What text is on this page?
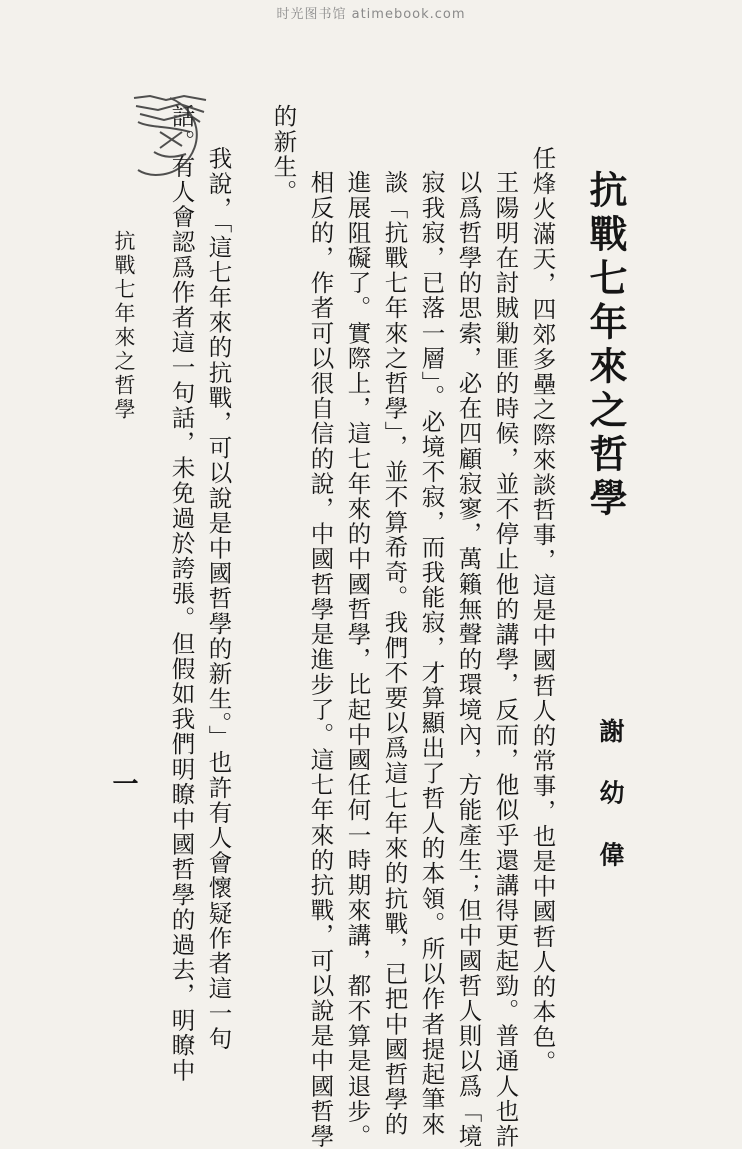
时光图书馆 atimebook.com
抗戰七年來之哲學
謝 幼 偉
任烽火滿天，四郊多壘之際來談哲事，這是中國哲人的常事，也是中國哲人的本色。
王陽明在討賊勦匪的時候，並不停止他的講學，反而，他似乎還講得更起勁。普通人也許
以爲哲學的思索，必在四顧寂寥，萬籟無聲的環境內，方能產生；但中國哲人則以爲「境
寂我寂，已落一層」。必境不寂，而我能寂，才算顯出了哲人的本領。所以作者提起筆來
談「抗戰七年來之哲學」，並不算希奇。我們不要以爲這七年來的抗戰，已把中國哲學的
進展阻礙了。實際上，這七年來的中國哲學，比起中國任何一時期來講，都不算是退步。
相反的，作者可以很自信的說，中國哲學是進步了。這七年來的抗戰，可以說是中國哲學
的新生。
我說，「這七年來的抗戰，可以說是中國哲學的新生。」也許有人會懷疑作者這一句
話。有人會認爲作者這一句話，未免過於誇張。但假如我們明瞭中國哲學的過去，明瞭中
抗戰七年來之哲學
一
